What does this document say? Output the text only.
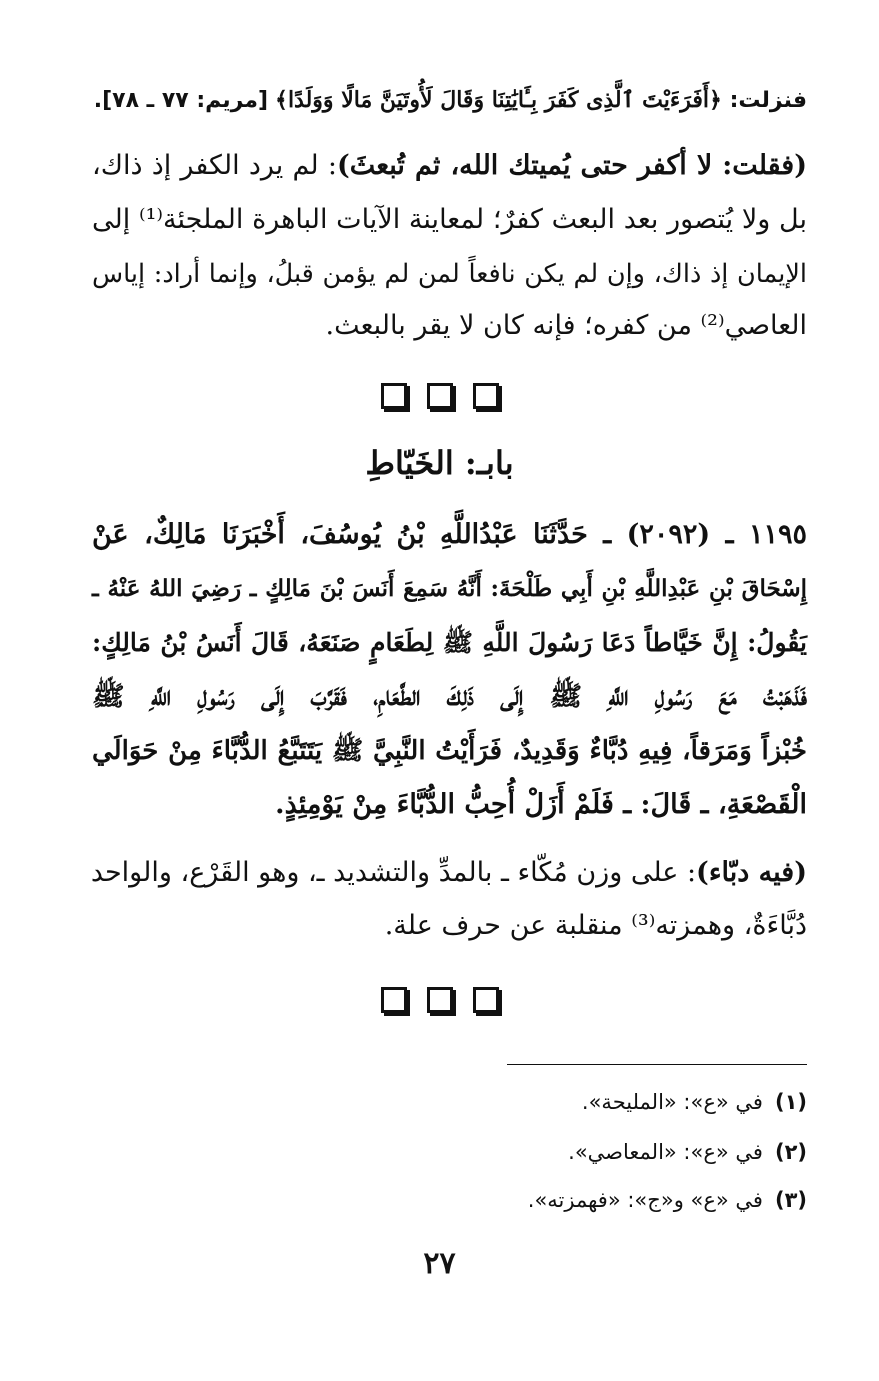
فنزلت: ﴿أَفَرَءَيْتَ ٱلَّذِى كَفَرَ بِـَٔايَٰتِنَا وَقَالَ لَأُوتَيَنَّ مَالًا وَوَلَدًا﴾ [مريم: ٧٧ ـ ٧٨].
(فقلت: لا أكفر حتى يُميتك الله، ثم تُبعثَ): لم يرد الكفر إذ ذاك،
بل ولا يُتصور بعد البعث كفرٌ؛ لمعاينة الآيات الباهرة الملجئة⁽¹⁾ إلى
الإيمان إذ ذاك، وإن لم يكن نافعاً لمن لم يؤمن قبلُ، وإنما أراد: إياس
العاصي⁽²⁾ من كفره؛ فإنه كان لا يقر بالبعث.
بابـ: الخَيّاطِ
١١٩٥ ـ (٢٠٩٢) ـ حَدَّثَنَا عَبْدُاللَّهِ بْنُ يُوسُفَ، أَخْبَرَنَا مَالِكٌ، عَنْ
إِسْحَاقَ بْنِ عَبْدِاللَّهِ بْنِ أَبِي طَلْحَةَ: أَنَّهُ سَمِعَ أَنَسَ بْنَ مَالِكٍ ـ رَضِيَ اللهُ عَنْهُ ـ
يَقُولُ: إِنَّ خَيَّاطاً دَعَا رَسُولَ اللَّهِ ﷺ لِطَعَامٍ صَنَعَهُ، قَالَ أَنَسُ بْنُ مَالِكٍ:
فَذَهَبْتُ مَعَ رَسُولِ اللَّهِ ﷺ إِلَى ذَلِكَ الطَّعَامِ، فَقَرَّبَ إِلَى رَسُولِ اللَّهِ ﷺ
خُبْزاً وَمَرَقاً، فِيهِ دُبَّاءٌ وَقَدِيدٌ، فَرَأَيْتُ النَّبِيَّ ﷺ يَتَتَبَّعُ الدُّبَّاءَ مِنْ حَوَالَي
الْقَصْعَةِ، ـ قَالَ: ـ فَلَمْ أَزَلْ أُحِبُّ الدُّبَّاءَ مِنْ يَوْمِئِذٍ.
(فيه دبّاء): على وزن مُكّاء ـ بالمدِّ والتشديد ـ، وهو القَرْع، والواحد
دُبَّاءَةٌ، وهمزته⁽³⁾ منقلبة عن حرف علة.
(١)في «ع»: «المليحة».
(٢)في «ع»: «المعاصي».
(٣)في «ع» و«ج»: «فهمزته».
٢٧
